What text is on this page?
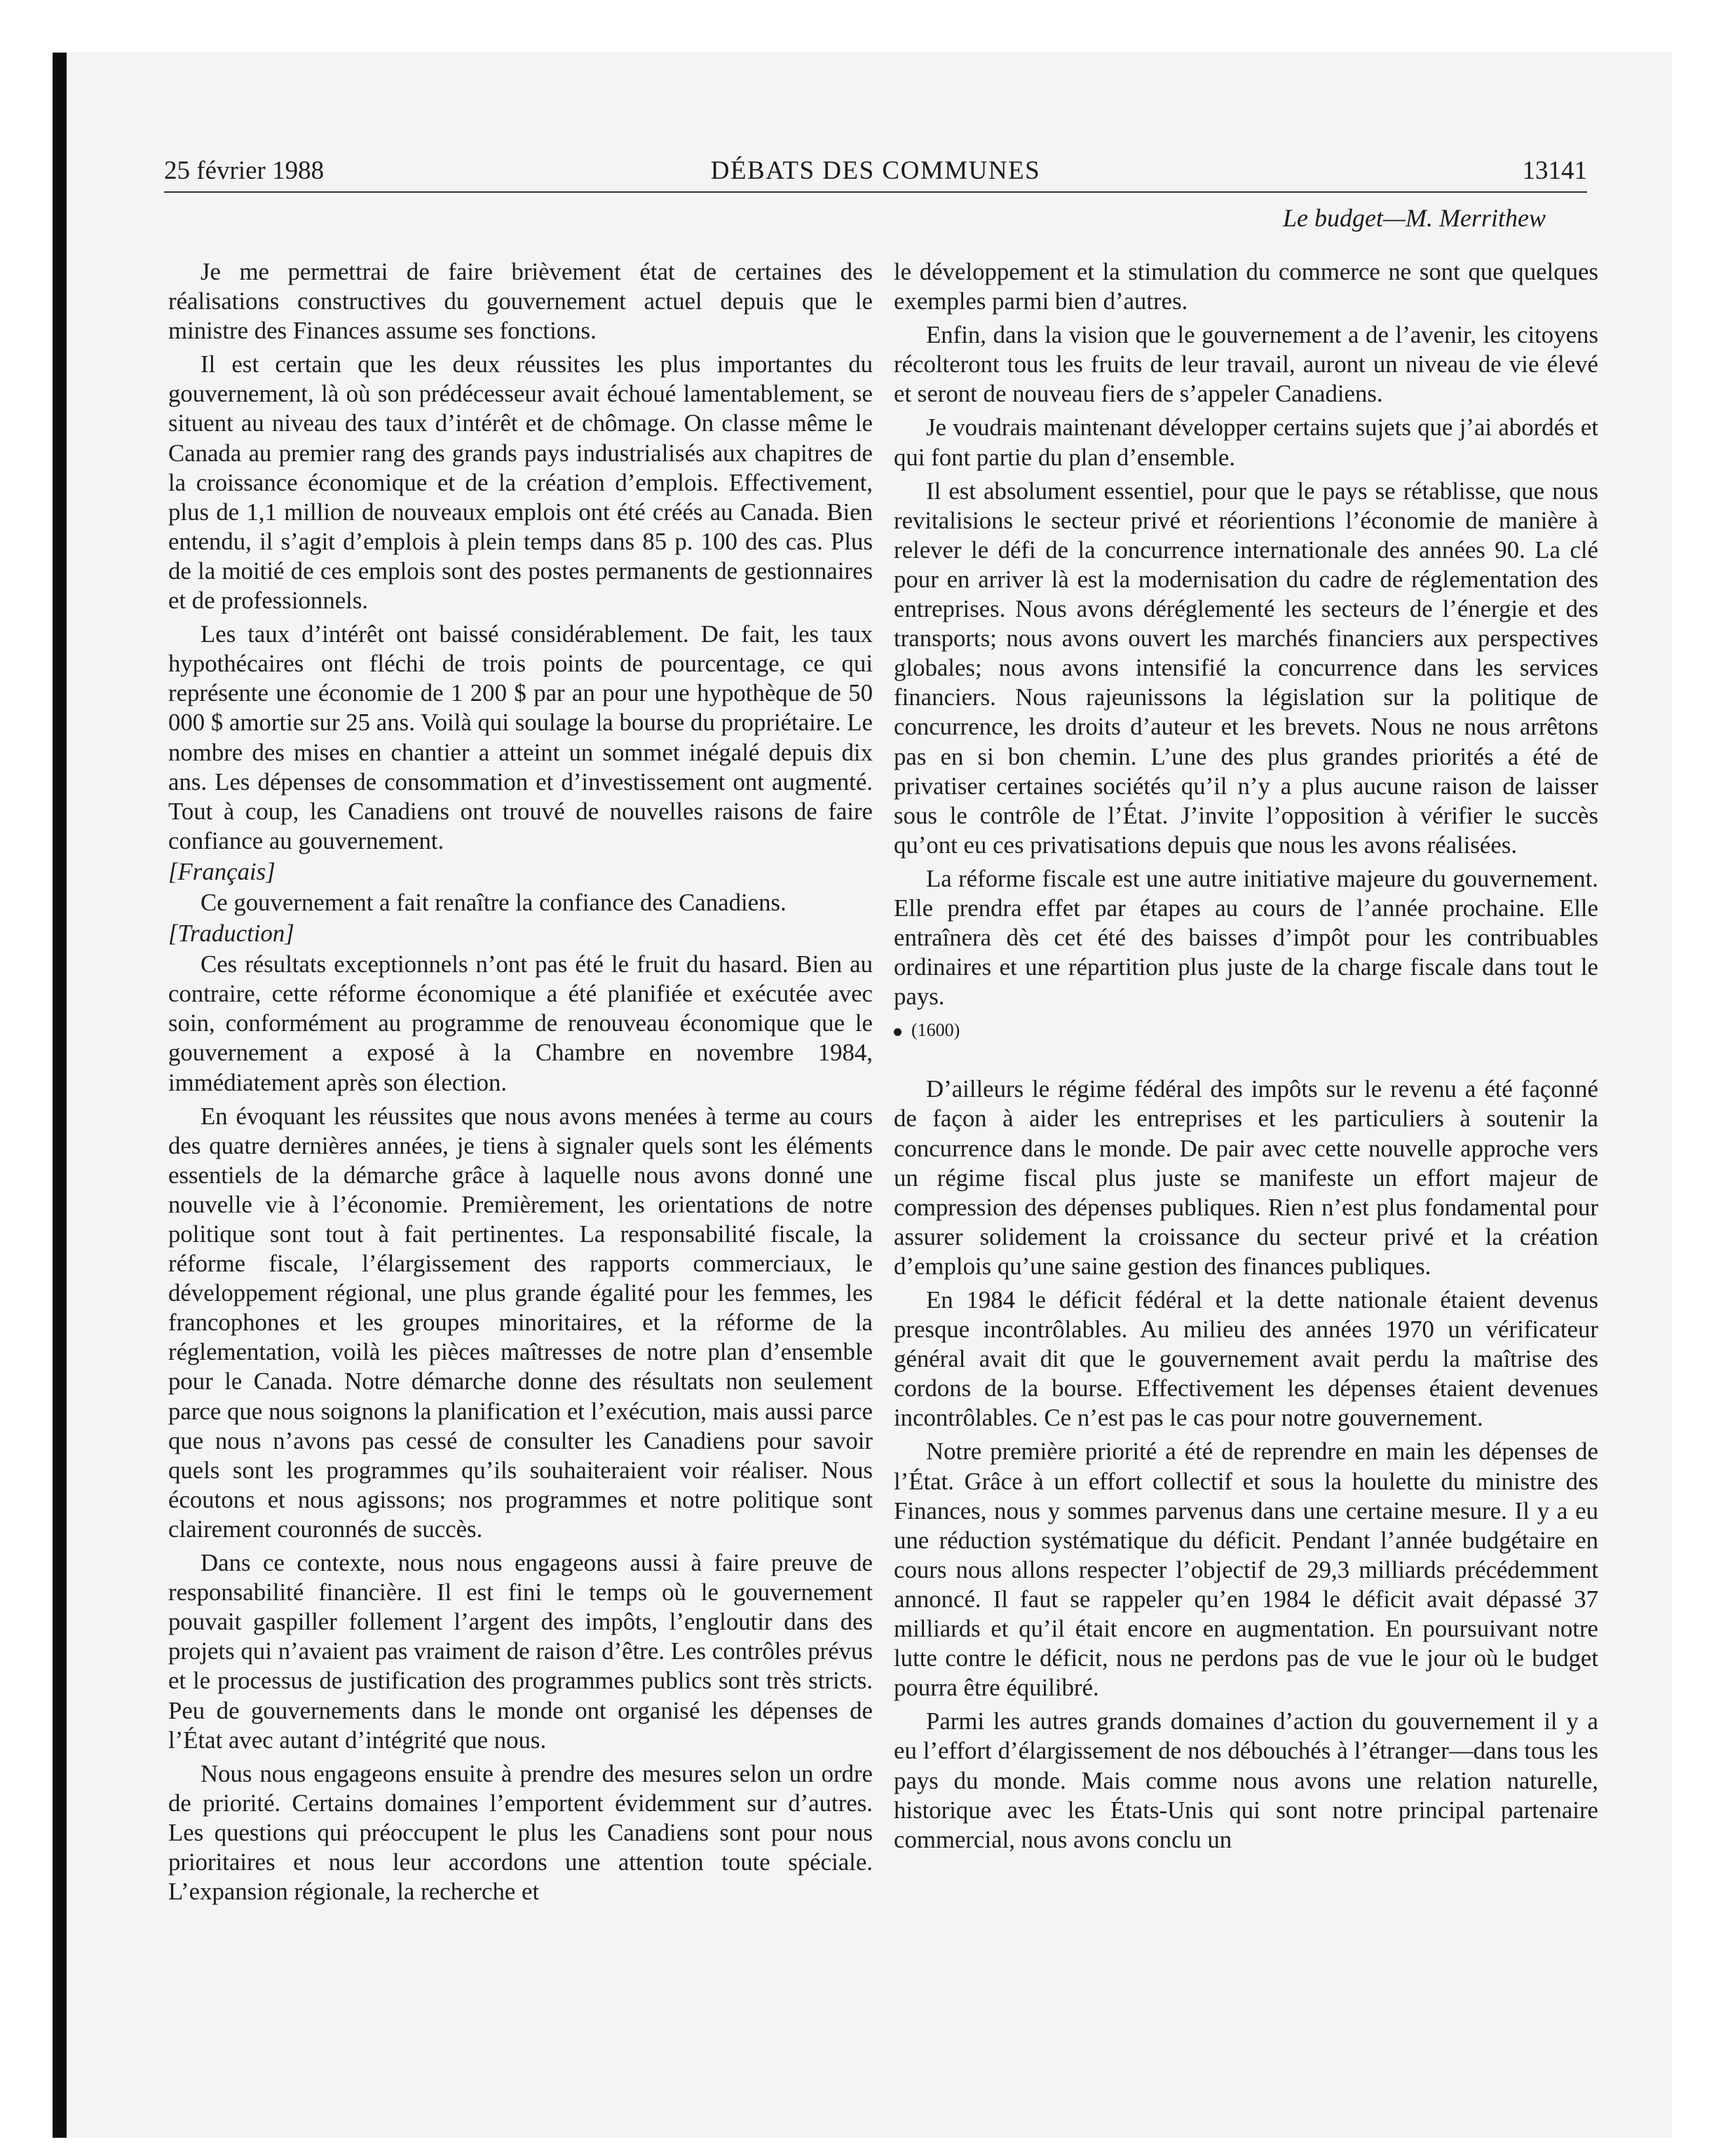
25 février 1988	DÉBATS DES COMMUNES	13141
Le budget—M. Merrithew

Je me permettrai de faire brièvement état de certaines des réalisations constructives du gouvernement actuel depuis que le ministre des Finances assume ses fonctions.

Il est certain que les deux réussites les plus importantes du gouvernement, là où son prédécesseur avait échoué lamentablement, se situent au niveau des taux d’intérêt et de chômage. On classe même le Canada au premier rang des grands pays industrialisés aux chapitres de la croissance économique et de la création d’emplois. Effectivement, plus de 1,1 million de nouveaux emplois ont été créés au Canada. Bien entendu, il s’agit d’emplois à plein temps dans 85 p. 100 des cas. Plus de la moitié de ces emplois sont des postes permanents de gestionnaires et de professionnels.

Les taux d’intérêt ont baissé considérablement. De fait, les taux hypothécaires ont fléchi de trois points de pourcentage, ce qui représente une économie de 1 200 $ par an pour une hypothèque de 50 000 $ amortie sur 25 ans. Voilà qui soulage la bourse du propriétaire. Le nombre des mises en chantier a atteint un sommet inégalé depuis dix ans. Les dépenses de consommation et d’investissement ont augmenté. Tout à coup, les Canadiens ont trouvé de nouvelles raisons de faire confiance au gouvernement.

[Français]

Ce gouvernement a fait renaître la confiance des Canadiens.

[Traduction]

Ces résultats exceptionnels n’ont pas été le fruit du hasard. Bien au contraire, cette réforme économique a été planifiée et exécutée avec soin, conformément au programme de renouveau économique que le gouvernement a exposé à la Chambre en novembre 1984, immédiatement après son élection.

En évoquant les réussites que nous avons menées à terme au cours des quatre dernières années, je tiens à signaler quels sont les éléments essentiels de la démarche grâce à laquelle nous avons donné une nouvelle vie à l’économie. Premièrement, les orientations de notre politique sont tout à fait pertinentes. La responsabilité fiscale, la réforme fiscale, l’élargissement des rapports commerciaux, le développement régional, une plus grande égalité pour les femmes, les francophones et les groupes minoritaires, et la réforme de la réglementation, voilà les pièces maîtresses de notre plan d’ensemble pour le Canada. Notre démarche donne des résultats non seulement parce que nous soignons la planification et l’exécution, mais aussi parce que nous n’avons pas cessé de consulter les Canadiens pour savoir quels sont les programmes qu’ils souhaiteraient voir réaliser. Nous écoutons et nous agissons; nos programmes et notre politique sont clairement couronnés de succès.

Dans ce contexte, nous nous engageons aussi à faire preuve de responsabilité financière. Il est fini le temps où le gouvernement pouvait gaspiller follement l’argent des impôts, l’engloutir dans des projets qui n’avaient pas vraiment de raison d’être. Les contrôles prévus et le processus de justification des programmes publics sont très stricts. Peu de gouvernements dans le monde ont organisé les dépenses de l’État avec autant d’intégrité que nous.

Nous nous engageons ensuite à prendre des mesures selon un ordre de priorité. Certains domaines l’emportent évidemment sur d’autres. Les questions qui préoccupent le plus les Canadiens sont pour nous prioritaires et nous leur accordons une attention toute spéciale. L’expansion régionale, la recherche et

le développement et la stimulation du commerce ne sont que quelques exemples parmi bien d’autres.

Enfin, dans la vision que le gouvernement a de l’avenir, les citoyens récolteront tous les fruits de leur travail, auront un niveau de vie élevé et seront de nouveau fiers de s’appeler Canadiens.

Je voudrais maintenant développer certains sujets que j’ai abordés et qui font partie du plan d’ensemble.

Il est absolument essentiel, pour que le pays se rétablisse, que nous revitalisions le secteur privé et réorientions l’économie de manière à relever le défi de la concurrence internationale des années 90. La clé pour en arriver là est la modernisation du cadre de réglementation des entreprises. Nous avons déréglementé les secteurs de l’énergie et des transports; nous avons ouvert les marchés financiers aux perspectives globales; nous avons intensifié la concurrence dans les services financiers. Nous rajeunissons la législation sur la politique de concurrence, les droits d’auteur et les brevets. Nous ne nous arrêtons pas en si bon chemin. L’une des plus grandes priorités a été de privatiser certaines sociétés qu’il n’y a plus aucune raison de laisser sous le contrôle de l’État. J’invite l’opposition à vérifier le succès qu’ont eu ces privatisations depuis que nous les avons réalisées.

La réforme fiscale est une autre initiative majeure du gouvernement. Elle prendra effet par étapes au cours de l’année prochaine. Elle entraînera dès cet été des baisses d’impôt pour les contribuables ordinaires et une répartition plus juste de la charge fiscale dans tout le pays.

(1600)

D’ailleurs le régime fédéral des impôts sur le revenu a été façonné de façon à aider les entreprises et les particuliers à soutenir la concurrence dans le monde. De pair avec cette nouvelle approche vers un régime fiscal plus juste se manifeste un effort majeur de compression des dépenses publiques. Rien n’est plus fondamental pour assurer solidement la croissance du secteur privé et la création d’emplois qu’une saine gestion des finances publiques.

En 1984 le déficit fédéral et la dette nationale étaient devenus presque incontrôlables. Au milieu des années 1970 un vérificateur général avait dit que le gouvernement avait perdu la maîtrise des cordons de la bourse. Effectivement les dépenses étaient devenues incontrôlables. Ce n’est pas le cas pour notre gouvernement.

Notre première priorité a été de reprendre en main les dépenses de l’État. Grâce à un effort collectif et sous la houlette du ministre des Finances, nous y sommes parvenus dans une certaine mesure. Il y a eu une réduction systématique du déficit. Pendant l’année budgétaire en cours nous allons respecter l’objectif de 29,3 milliards précédemment annoncé. Il faut se rappeler qu’en 1984 le déficit avait dépassé 37 milliards et qu’il était encore en augmentation. En poursuivant notre lutte contre le déficit, nous ne perdons pas de vue le jour où le budget pourra être équilibré.

Parmi les autres grands domaines d’action du gouvernement il y a eu l’effort d’élargissement de nos débouchés à l’étranger—dans tous les pays du monde. Mais comme nous avons une relation naturelle, historique avec les États-Unis qui sont notre principal partenaire commercial, nous avons conclu un
